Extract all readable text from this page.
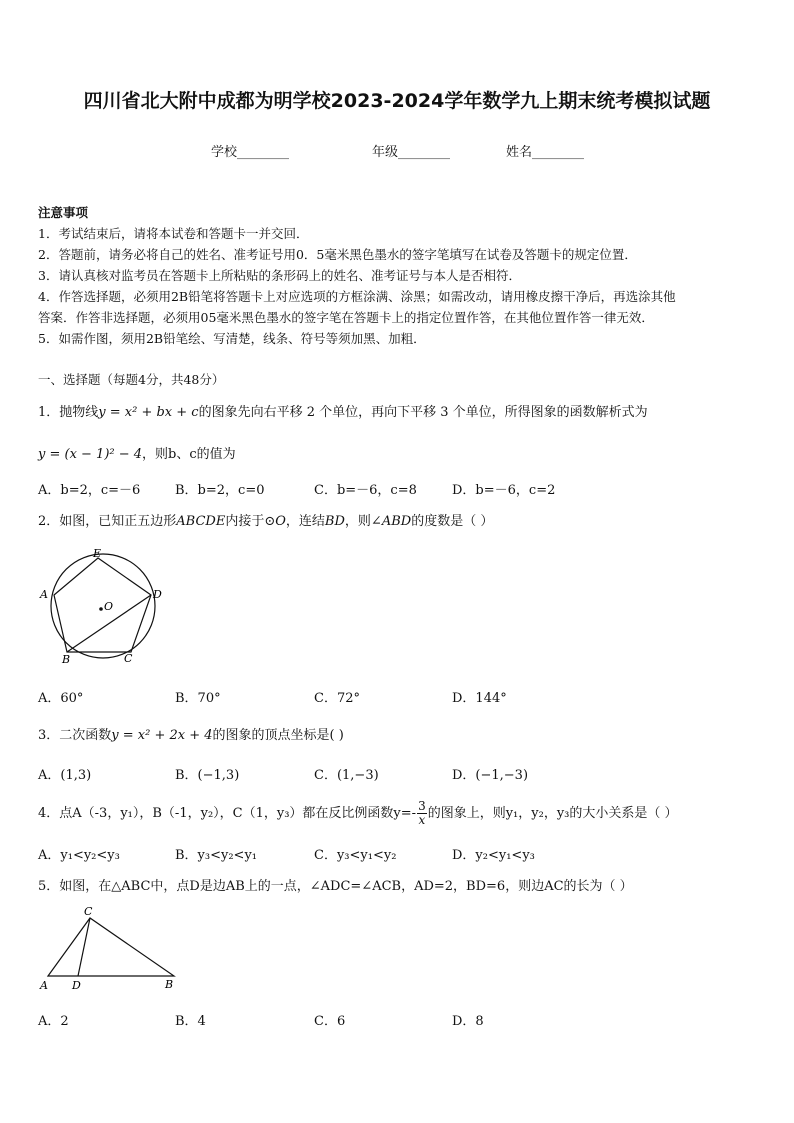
四川省北大附中成都为明学校2023-2024学年数学九上期末统考模拟试题
学校________	年级________	姓名________
注意事项
1．考试结束后，请将本试卷和答题卡一并交回．
2．答题前，请务必将自己的姓名、准考证号用0．5毫米黑色墨水的签字笔填写在试卷及答题卡的规定位置．
3．请认真核对监考员在答题卡上所粘贴的条形码上的姓名、准考证号与本人是否相符．
4．作答选择题，必须用2B铅笔将答题卡上对应选项的方框涂满、涂黑；如需改动，请用橡皮擦干净后，再选涂其他
答案．作答非选择题，必须用05毫米黑色墨水的签字笔在答题卡上的指定位置作答，在其他位置作答一律无效．
5．如需作图，须用2B铅笔绘、写清楚，线条、符号等须加黑、加粗．
一、选择题（每题4分，共48分）
1．抛物线y = x² + bx + c的图象先向右平移 2 个单位，再向下平移 3 个单位，所得图象的函数解析式为
y = (x − 1)² − 4，则b、c的值为
A．b=2，c=－6	B．b=2，c=0	C．b=－6，c=8	D．b=－6，c=2
2．如图，已知正五边形ABCDE内接于⊙O，连结BD，则∠ABD的度数是（ ）
E
D
A
B	C
O
A．60°	B．70°	C．72°	D．144°
3．二次函数y = x² + 2x + 4的图象的顶点坐标是( )
A．(1,3)	B．(−1,3)	C．(1,−3)	D．(−1,−3)
4．点A（-3，y₁），B（-1，y₂），C（1，y₃）都在反比例函数$y=- \frac{3}{x}$ 的图象上，则y₁，y₂，y₃的大小关系是（ ）
A．y₁<y₂<y₃	B．y₃<y₂<y₁	C．y₃<y₁<y₂	D．y₂<y₁<y₃
5．如图，在△ABC中，点D是边AB上的一点，∠ADC=∠ACB，AD=2，BD=6，则边AC的长为（ ）
C
A D	B
A．2	B．4	C．6	D．8
